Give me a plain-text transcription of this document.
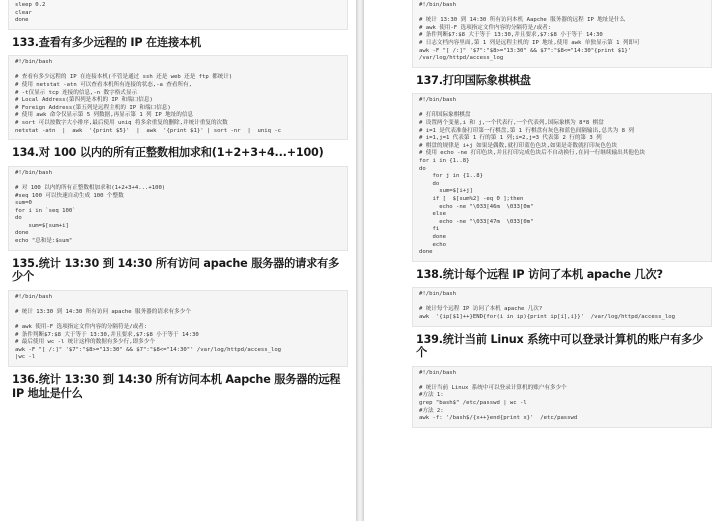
sleep 0.2
clear
done
133.查看有多少远程的 IP 在连接本机
#!/bin/bash
# 查看有多少远程的 IP 在连接本机(不管是通过 ssh 还是 web 还是 ftp 都统计)
# 使用 netstat -atn 可以查看本机所有连接的状态,-a 查看所有,
# -t仅显示 tcp 连接的信息,-n 数字格式显示
# Local Address(第四列是本机的 IP 和端口信息)
# Foreign Address(第五列是远程主机的 IP 和端口信息)
# 使用 awk 命令仅显示第 5 列数据,再显示第 1 列 IP 地址的信息
# sort 可以按数字大小排序,最后使用 uniq 将多余重复的删除,并统计重复的次数
netstat -atn  |  awk  '{print $5}'  |  awk  '{print $1}' | sort -nr  |  uniq -c
134.对 100 以内的所有正整数相加求和(1+2+3+4...+100)
#!/bin/bash
# 对 100 以内的所有正整数相加求和(1+2+3+4...+100)
#seq 100 可以快速自动生成 100 个整数
sum=0
for i in `seq 100`
do
sum=$[sum+i]
done
echo "总和是:$sum"
135.统计 13:30 到 14:30 所有访问 apache 服务器的请求有多少个
#!/bin/bash
# 统计 13:30 到 14:30 所有访问 apache 服务器的请求有多少个
# awk 使用-F 选项指定文件内容的分隔符是/或者:
# 条件判断$7:$8 大于等于 13:30,并且要求,$7:$8 小于等于 14:30
# 最后使用 wc -l 统计这样的数据有多少行,即多少个
awk -F "[ /:]" '$7":"$8>="13:30" && $7":"$8<="14:30"' /var/log/httpd/access_log
|wc -l
136.统计 13:30 到 14:30 所有访问本机 Aapche 服务器的远程 IP 地址是什么
#!/bin/bash
# 统计 13:30 到 14:30 所有访问本机 Aapche 服务器的远程 IP 地址是什么
# awk 使用-F 选项指定文件内容的分隔符是/或者:
# 条件判断$7:$8 大于等于 13:30,并且要求,$7:$8 小于等于 14:30
# 日志文档内容里面,第 1 列是远程主机的 IP 地址,使用 awk 单独显示第 1 列即可
awk -F "[ /:]" '$7":"$8>="13:30" && $7":"$8<="14:30"{print $1}'
/var/log/httpd/access_log
137.打印国际象棋棋盘
#!/bin/bash
# 打印国际象棋棋盘
# 设置两个变量,i 和 j,一个代表行,一个代表列,国际象棋为 8*8 棋盘
# i=1 是代表准备打印第一行棋盘,第 1 行棋盘有灰色和蓝色间隔输出,总共为 8 列
# i=1,j=1 代表第 1 行的第 1 列;i=2,j=3 代表第 2 行的第 3 列
# 棋盘的规律是 i+j 如果是偶数,就打印蓝色色块,如果是奇数就打印灰色色块
# 使用 echo -ne 打印色块,并且打印完成色块后不自动换行,在同一行继续输出其他色块
for i in {1..8}
do
for j in {1..8}
do
sum=$[i+j]
if [  $[sum%2] -eq 0 ];then
echo -ne "\033[46m  \033[0m"
else
echo -ne "\033[47m  \033[0m"
fi
done
echo
done
138.统计每个远程 IP 访问了本机 apache 几次?
#!/bin/bash
# 统计每个远程 IP 访问了本机 apache 几次?
awk  '{ip[$1]++}END{for(i in ip){print ip[i],i}}'  /var/log/httpd/access_log
139.统计当前 Linux 系统中可以登录计算机的账户有多少个
#!/bin/bash
# 统计当前 Linux 系统中可以登录计算机的账户有多少个
#方法 1:
grep "bash$" /etc/passwd | wc -l
#方法 2:
awk -f: '/bash$/{x++}end{print x}'  /etc/passwd
